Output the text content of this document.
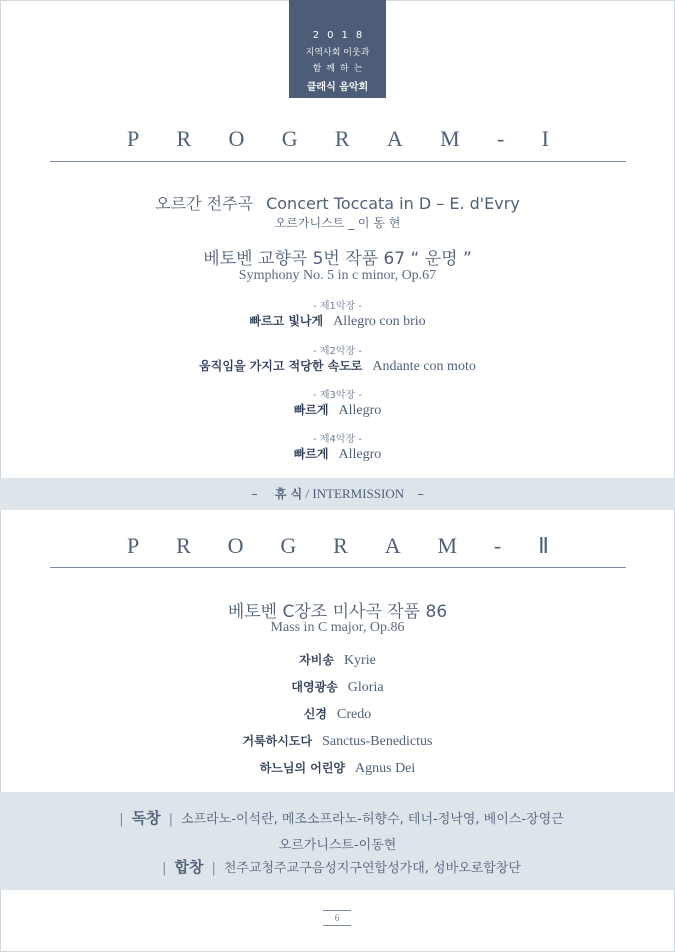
2018
지역사회 이웃과
함께하는
클래식 음악회
P R O G R A M - I
오르간 전주곡 Concert Toccata in D – E. d'Evry
오르가니스트 _ 이 동 현
베토벤 교향곡 5번 작품 67 “ 운명 ”
Symphony No. 5 in c minor, Op.67
- 제1악장 -
빠르고 빛나게 Allegro con brio
- 제2악장 -
움직임을 가지고 적당한 속도로 Andante con moto
- 제3악장 -
빠르게 Allegro
- 제4악장 -
빠르게 Allegro
– 휴 식 / INTERMISSION –
P R O G R A M - Ⅱ
베토벤 C장조 미사곡 작품 86
Mass in C major, Op.86
자비송 Kyrie
대영광송 Gloria
신경 Credo
거룩하시도다 Sanctus-Benedictus
하느님의 어린양 Agnus Dei
| 독창 | 소프라노-이석란, 메조소프라노-허향수, 테너-정낙영, 베이스-장영근
오르가니스트-이동현
| 합창 | 천주교청주교구음성지구연합성가대, 성바오로합창단
6
